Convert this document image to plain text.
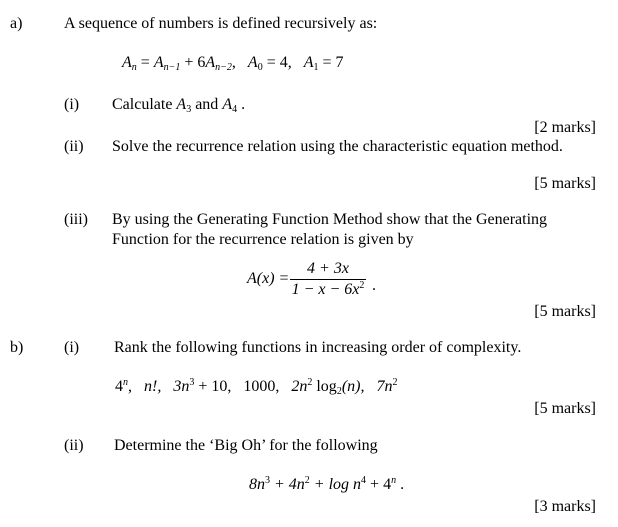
a)	A sequence of numbers is defined recursively as:
$A_n = A_{n-1} + 6A_{n-2}$, $A_0 = 4$, $A_1 = 7$
(i) Calculate $A_3$ and $A_4$ .
[2 marks]
(ii) Solve the recurrence relation using the characteristic equation method.
[5 marks]
(iii) By using the Generating Function Method show that the Generating
Function for the recurrence relation is given by
$A(x) = \frac{4 + 3x}{1 - x - 6x^2}$ .
[5 marks]
b)	(i) Rank the following functions in increasing order of complexity.
4$^n$,   n!, $3n^3 + 10$, 1000, $2n^2$ $\log_2(n)$, $7n^2$
[5 marks]
(ii) Determine the ‘Big Oh’ for the following
$8n^3 + 4n^2 + \log n^4 + 4^n$ .
[3 marks]
